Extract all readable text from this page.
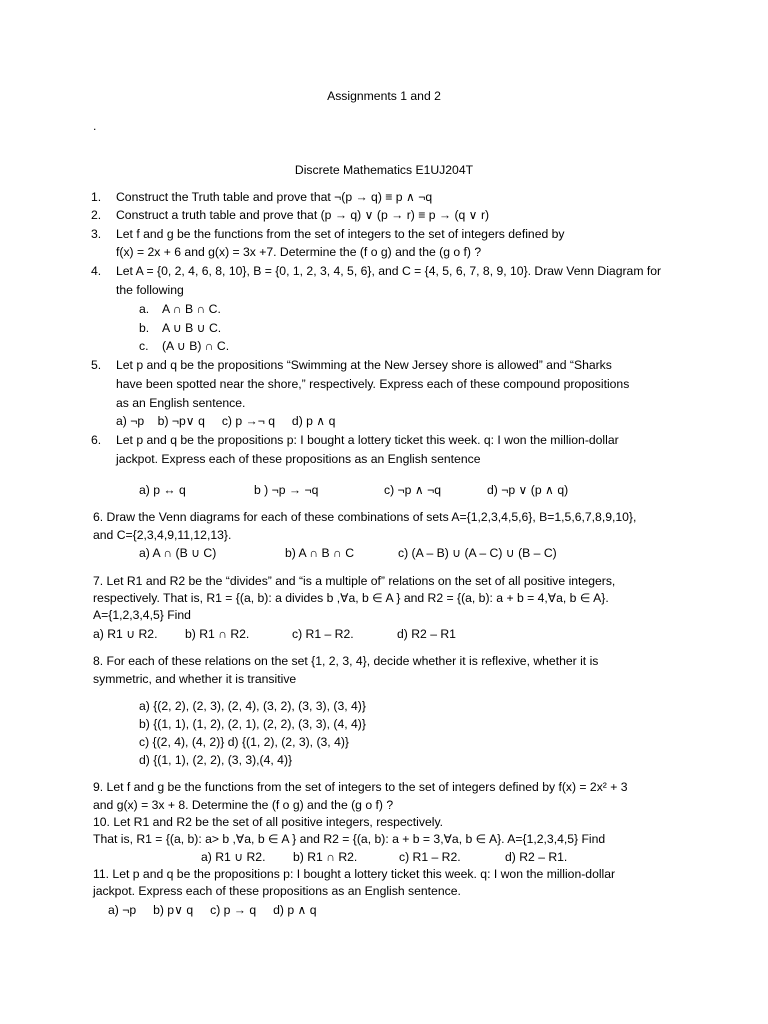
Assignments 1 and 2
.
Discrete Mathematics E1UJ204T
1. Construct the Truth table and prove that ¬(p → q) ≡ p ∧ ¬q
2. Construct a truth table and prove that (p → q) ∨ (p → r) ≡ p → (q ∨ r)
3. Let f and g be the functions from the set of integers to the set of integers defined by
f(x) = 2x + 6 and g(x) = 3x +7. Determine the (f o g) and the (g o f) ?
4. Let A = {0, 2, 4, 6, 8, 10}, B = {0, 1, 2, 3, 4, 5, 6}, and C = {4, 5, 6, 7, 8, 9, 10}. Draw Venn Diagram for
the following
a. A ∩ B ∩ C.
b. A ∪ B ∪ C.
c. (A ∪ B) ∩ C.
5. Let p and q be the propositions “Swimming at the New Jersey shore is allowed” and “Sharks
have been spotted near the shore,” respectively. Express each of these compound propositions
as an English sentence.
a) ¬p b) ¬p∨ q c) p →¬ q d) p ∧ q
6. Let p and q be the propositions p: I bought a lottery ticket this week. q: I won the million-dollar
jackpot. Express each of these propositions as an English sentence
a) p ↔ q	b ) ¬p → ¬q	c) ¬p ∧ ¬q	d) ¬p ∨ (p ∧ q)
6. Draw the Venn diagrams for each of these combinations of sets A={1,2,3,4,5,6}, B=1,5,6,7,8,9,10},
and C={2,3,4,9,11,12,13}.
a) A ∩ (B ∪ C)	b) A ∩ B ∩ C	c) (A – B) ∪ (A – C) ∪ (B – C)
7. Let R1 and R2 be the “divides” and “is a multiple of” relations on the set of all positive integers,
respectively. That is, R1 = {(a, b): a divides b ,∀a, b ∈ A } and R2 = {(a, b): a + b = 4,∀a, b ∈ A}.
A={1,2,3,4,5} Find
a) R1 ∪ R2. b) R1 ∩ R2.	c) R1 – R2.	d) R2 – R1
8. For each of these relations on the set {1, 2, 3, 4}, decide whether it is reflexive, whether it is
symmetric, and whether it is transitive
a) {(2, 2), (2, 3), (2, 4), (3, 2), (3, 3), (3, 4)}
b) {(1, 1), (1, 2), (2, 1), (2, 2), (3, 3), (4, 4)}
c) {(2, 4), (4, 2)} d) {(1, 2), (2, 3), (3, 4)}
d) {(1, 1), (2, 2), (3, 3),(4, 4)}
9. Let f and g be the functions from the set of integers to the set of integers defined by f(x) = 2x² + 3
and g(x) = 3x + 8. Determine the (f o g) and the (g o f) ?
10. Let R1 and R2 be the set of all positive integers, respectively.
That is, R1 = {(a, b): a> b ,∀a, b ∈ A } and R2 = {(a, b): a + b = 3,∀a, b ∈ A}. A={1,2,3,4,5} Find
a) R1 ∪ R2. b) R1 ∩ R2.	c) R1 – R2.	d) R2 – R1.
11. Let p and q be the propositions p: I bought a lottery ticket this week. q: I won the million-dollar
jackpot. Express each of these propositions as an English sentence.
a) ¬p b) p∨ q c) p → q d) p ∧ q
